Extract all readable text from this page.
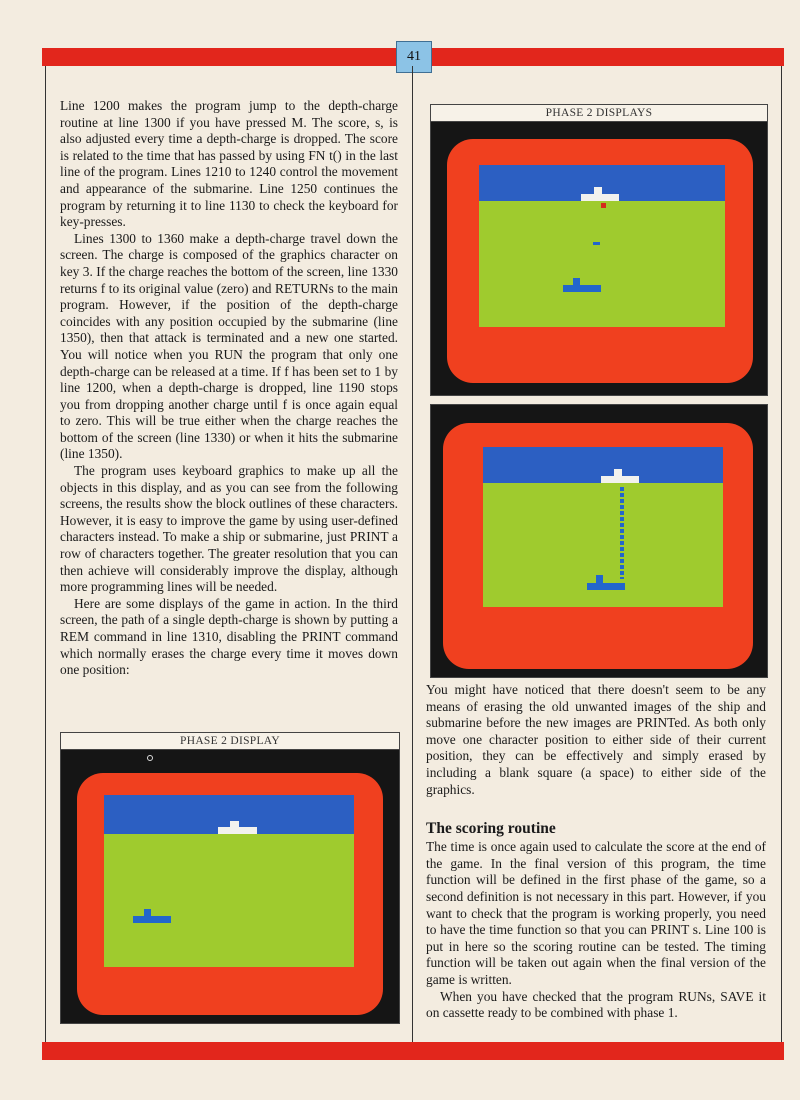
41

Line 1200 makes the program jump to the depth-charge routine at line 1300 if you have pressed M. The score, s, is also adjusted every time a depth-charge is dropped. The score is related to the time that has passed by using FN t() in the last line of the program. Lines 1210 to 1240 control the movement and appearance of the submarine. Line 1250 continues the program by returning it to line 1130 to check the keyboard for key-presses.

Lines 1300 to 1360 make a depth-charge travel down the screen. The charge is composed of the graphics character on key 3. If the charge reaches the bottom of the screen, line 1330 returns f to its original value (zero) and RETURNs to the main program. However, if the position of the depth-charge coincides with any position occupied by the submarine (line 1350), then that attack is terminated and a new one started. You will notice when you RUN the program that only one depth-charge can be released at a time. If f has been set to 1 by line 1200, when a depth-charge is dropped, line 1190 stops you from dropping another charge until f is once again equal to zero. This will be true either when the charge reaches the bottom of the screen (line 1330) or when it hits the submarine (line 1350).

The program uses keyboard graphics to make up all the objects in this display, and as you can see from the following screens, the results show the block outlines of these characters. However, it is easy to improve the game by using user-defined characters instead. To make a ship or submarine, just PRINT a row of characters together. The greater resolution that you can then achieve will considerably improve the display, although more programming lines will be needed.

Here are some displays of the game in action. In the third screen, the path of a single depth-charge is shown by putting a REM command in line 1310, disabling the PRINT command which normally erases the charge every time it moves down one position:

PHASE 2 DISPLAY
PHASE 2 DISPLAYS

You might have noticed that there doesn't seem to be any means of erasing the old unwanted images of the ship and submarine before the new images are PRINTed. As both only move one character position to either side of their current position, they can be effectively and simply erased by including a blank square (a space) to either side of the graphics.

The scoring routine

The time is once again used to calculate the score at the end of the game. In the final version of this program, the time function will be defined in the first phase of the game, so a second definition is not necessary in this part. However, if you want to check that the program is working properly, you need to have the time function so that you can PRINT s. Line 100 is put in here so the scoring routine can be tested. The timing function will be taken out again when the final version of the game is written.

When you have checked that the program RUNs, SAVE it on cassette ready to be combined with phase 1.
